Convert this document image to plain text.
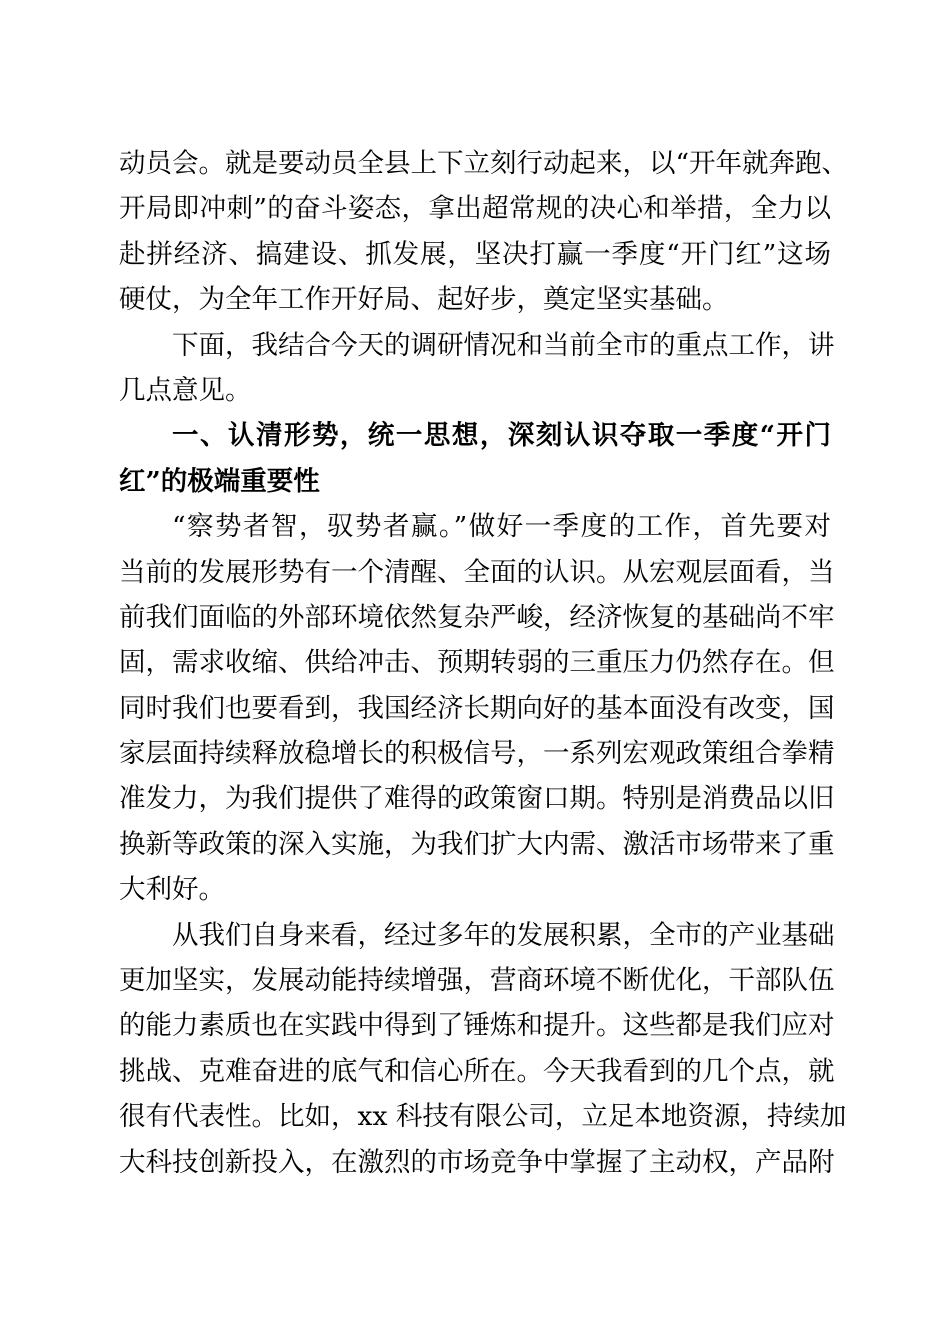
动员会。就是要动员全县上下立刻行动起来，以“开年就奔跑、
开局即冲刺”的奋斗姿态，拿出超常规的决心和举措，全力以
赴拼经济、搞建设、抓发展，坚决打赢一季度“开门红”这场
硬仗，为全年工作开好局、起好步，奠定坚实基础。

下面，我结合今天的调研情况和当前全市的重点工作，讲
几点意见。

一、认清形势，统一思想，深刻认识夺取一季度“开门
红”的极端重要性

“察势者智，驭势者赢。”做好一季度的工作，首先要对
当前的发展形势有一个清醒、全面的认识。从宏观层面看，当
前我们面临的外部环境依然复杂严峻，经济恢复的基础尚不牢
固，需求收缩、供给冲击、预期转弱的三重压力仍然存在。但
同时我们也要看到，我国经济长期向好的基本面没有改变，国
家层面持续释放稳增长的积极信号，一系列宏观政策组合拳精
准发力，为我们提供了难得的政策窗口期。特别是消费品以旧
换新等政策的深入实施，为我们扩大内需、激活市场带来了重
大利好。

从我们自身来看，经过多年的发展积累，全市的产业基础
更加坚实，发展动能持续增强，营商环境不断优化，干部队伍
的能力素质也在实践中得到了锤炼和提升。这些都是我们应对
挑战、克难奋进的底气和信心所在。今天我看到的几个点，就
很有代表性。比如，xx 科技有限公司，立足本地资源，持续加
大科技创新投入，在激烈的市场竞争中掌握了主动权，产品附
